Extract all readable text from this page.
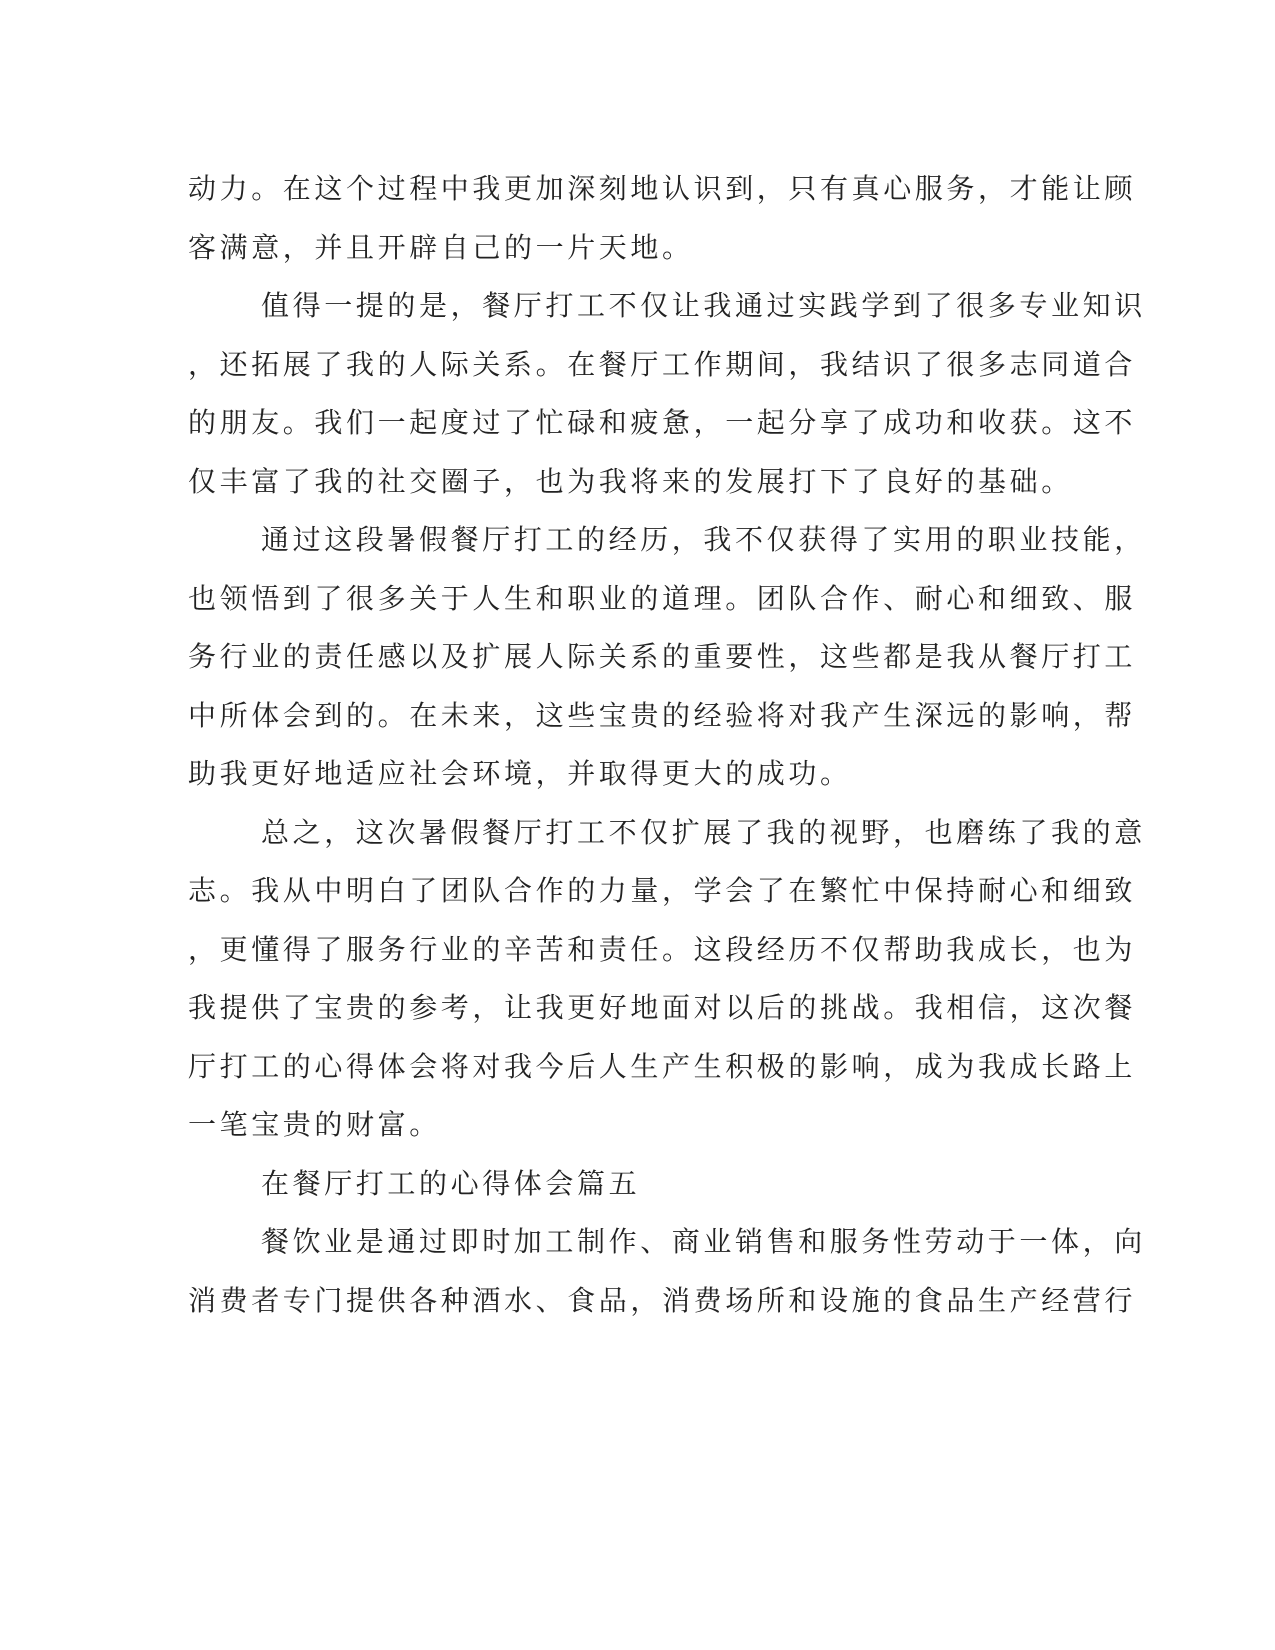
动力。在这个过程中我更加深刻地认识到，只有真心服务，才能让顾
客满意，并且开辟自己的一片天地。
值得一提的是，餐厅打工不仅让我通过实践学到了很多专业知识
，还拓展了我的人际关系。在餐厅工作期间，我结识了很多志同道合
的朋友。我们一起度过了忙碌和疲惫，一起分享了成功和收获。这不
仅丰富了我的社交圈子，也为我将来的发展打下了良好的基础。
通过这段暑假餐厅打工的经历，我不仅获得了实用的职业技能，
也领悟到了很多关于人生和职业的道理。团队合作、耐心和细致、服
务行业的责任感以及扩展人际关系的重要性，这些都是我从餐厅打工
中所体会到的。在未来，这些宝贵的经验将对我产生深远的影响，帮
助我更好地适应社会环境，并取得更大的成功。
总之，这次暑假餐厅打工不仅扩展了我的视野，也磨练了我的意
志。我从中明白了团队合作的力量，学会了在繁忙中保持耐心和细致
，更懂得了服务行业的辛苦和责任。这段经历不仅帮助我成长，也为
我提供了宝贵的参考，让我更好地面对以后的挑战。我相信，这次餐
厅打工的心得体会将对我今后人生产生积极的影响，成为我成长路上
一笔宝贵的财富。
在餐厅打工的心得体会篇五
餐饮业是通过即时加工制作、商业销售和服务性劳动于一体，向
消费者专门提供各种酒水、食品，消费场所和设施的食品生产经营行
